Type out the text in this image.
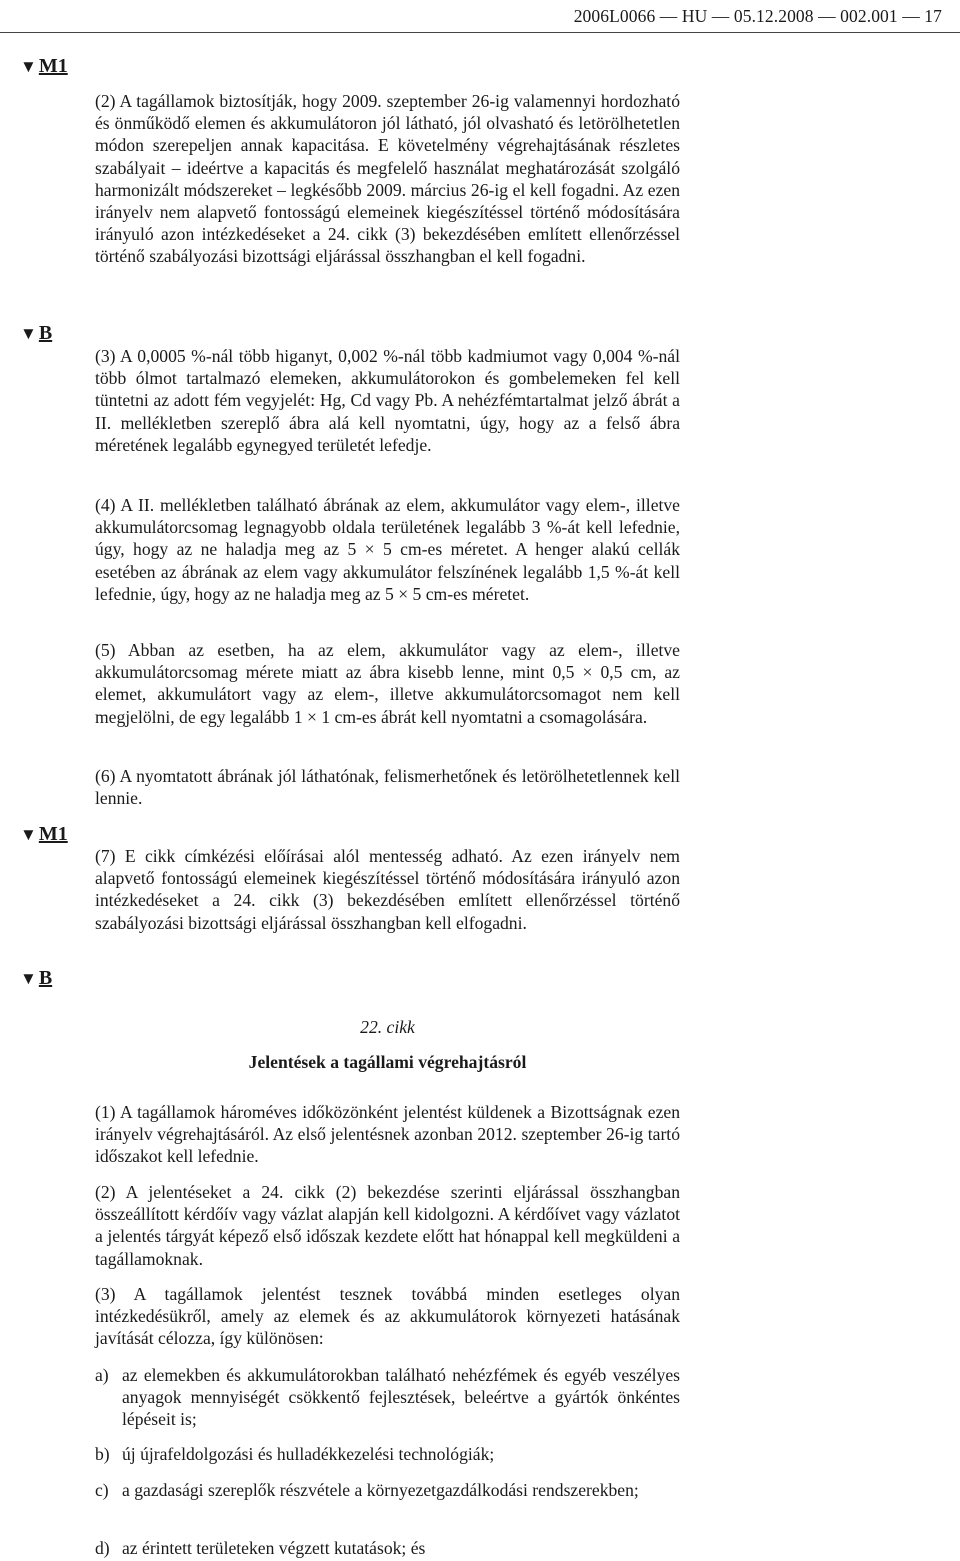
2006L0066 — HU — 05.12.2008 — 002.001 — 17
▼ M1

(2) A tagállamok biztosítják, hogy 2009. szeptember 26-ig valamennyi hordozható és önműködő elemen és akkumulátoron jól látható, jól olvasható és letörölhetetlen módon szerepeljen annak kapacitása. E követelmény végrehajtásának részletes szabályait – ideértve a kapacitás és megfelelő használat meghatározását szolgáló harmonizált módszereket – legkésőbb 2009. március 26-ig el kell fogadni. Az ezen irányelv nem alapvető fontosságú elemeinek kiegészítéssel történő módosítására irányuló azon intézkedéseket a 24. cikk (3) bekezdésében említett ellenőrzéssel történő szabályozási bizottsági eljárással összhangban el kell fogadni.

▼ B

(3) A 0,0005 %-nál több higanyt, 0,002 %-nál több kadmiumot vagy 0,004 %-nál több ólmot tartalmazó elemeken, akkumulátorokon és gombelemeken fel kell tüntetni az adott fém vegyjelét: Hg, Cd vagy Pb. A nehézfémtartalmat jelző ábrát a II. mellékletben szereplő ábra alá kell nyomtatni, úgy, hogy az a felső ábra méretének legalább egynegyed területét lefedje.

(4) A II. mellékletben található ábrának az elem, akkumulátor vagy elem-, illetve akkumulátorcsomag legnagyobb oldala területének legalább 3 %-át kell lefednie, úgy, hogy az ne haladja meg az 5 × 5 cm-es méretet. A henger alakú cellák esetében az ábrának az elem vagy akkumulátor felszínének legalább 1,5 %-át kell lefednie, úgy, hogy az ne haladja meg az 5 × 5 cm-es méretet.

(5) Abban az esetben, ha az elem, akkumulátor vagy az elem-, illetve akkumulátorcsomag mérete miatt az ábra kisebb lenne, mint 0,5 × 0,5 cm, az elemet, akkumulátort vagy az elem-, illetve akkumulátorcsomagot nem kell megjelölni, de egy legalább 1 × 1 cm-es ábrát kell nyomtatni a csomagolására.

(6) A nyomtatott ábrának jól láthatónak, felismerhetőnek és letörölhetetlennek kell lennie.

▼ M1

(7) E cikk címkézési előírásai alól mentesség adható. Az ezen irányelv nem alapvető fontosságú elemeinek kiegészítéssel történő módosítására irányuló azon intézkedéseket a 24. cikk (3) bekezdésében említett ellenőrzéssel történő szabályozási bizottsági eljárással összhangban kell elfogadni.

▼ B

22. cikk

Jelentések a tagállami végrehajtásról

(1) A tagállamok hároméves időközönként jelentést küldenek a Bizottságnak ezen irányelv végrehajtásáról. Az első jelentésnek azonban 2012. szeptember 26-ig tartó időszakot kell lefednie.

(2) A jelentéseket a 24. cikk (2) bekezdése szerinti eljárással összhangban összeállított kérdőív vagy vázlat alapján kell kidolgozni. A kérdőívet vagy vázlatot a jelentés tárgyát képező első időszak kezdete előtt hat hónappal kell megküldeni a tagállamoknak.

(3) A tagállamok jelentést tesznek továbbá minden esetleges olyan intézkedésükről, amely az elemek és az akkumulátorok környezeti hatásának javítását célozza, így különösen:

a) az elemekben és akkumulátorokban található nehézfémek és egyéb veszélyes anyagok mennyiségét csökkentő fejlesztések, beleértve a gyártók önkéntes lépéseit is;
b) új újrafeldolgozási és hulladékkezelési technológiák;
c) a gazdasági szereplők részvétele a környezetgazdálkodási rendszerekben;
d) az érintett területeken végzett kutatások; és
